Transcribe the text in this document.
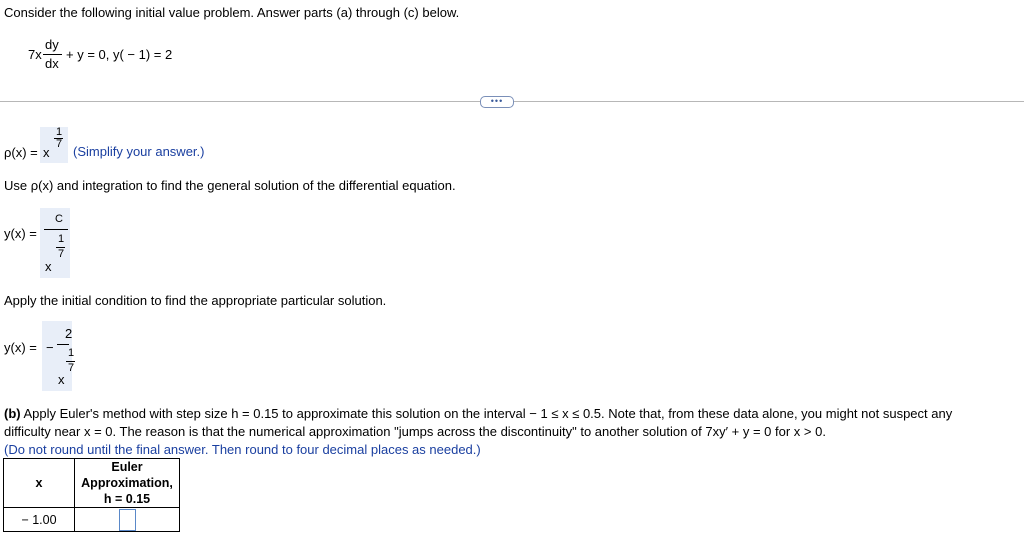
Consider the following initial value problem. Answer parts (a) through (c) below.
7x
dy
dx
+ y = 0, y( − 1) = 2
•••
ρ(x) = x
1
7 (Simplify your answer.)
Use ρ(x) and integration to find the general solution of the differential equation.
y(x) =
C
x
1
7
Apply the initial condition to find the appropriate particular solution.
y(x) = −
2
x
1
7
(b) Apply Euler's method with step size h = 0.15 to approximate this solution on the interval − 1 ≤ x ≤ 0.5. Note that, from these data alone, you might not suspect any
difficulty near x = 0. The reason is that the numerical approximation "jumps across the discontinuity" to another solution of 7xy′ + y = 0 for x > 0.
(Do not round until the final answer. Then round to four decimal places as needed.)
x	Euler
Approximation,
h = 0.15

− 1.00	
